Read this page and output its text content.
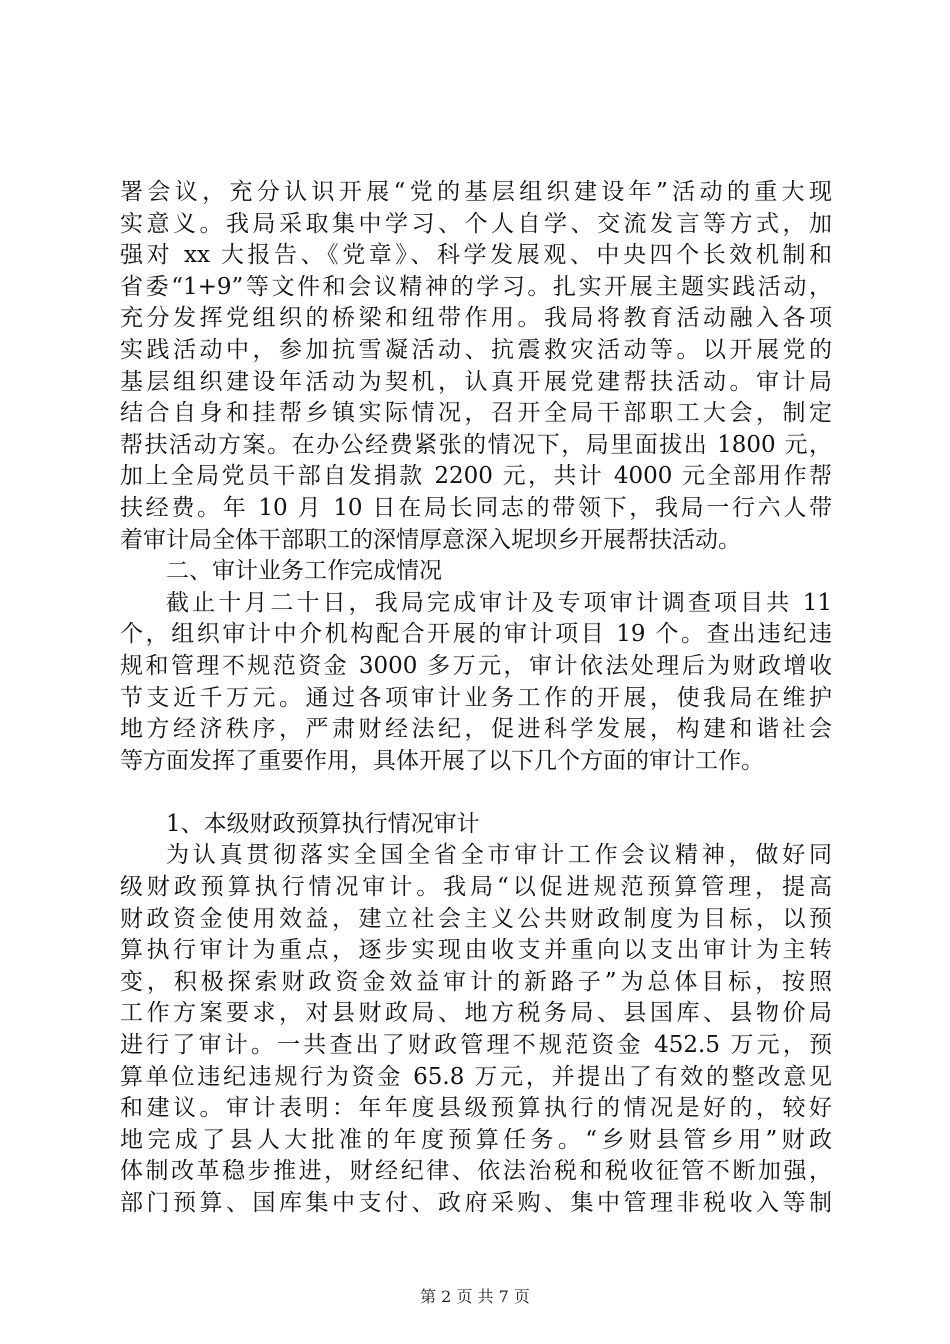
署会议，充分认识开展“党的基层组织建设年”活动的重大现
实意义。我局采取集中学习、个人自学、交流发言等方式，加
强对 xx 大报告、《党章》、科学发展观、中央四个长效机制和
省委“1+9”等文件和会议精神的学习。扎实开展主题实践活动，
充分发挥党组织的桥梁和纽带作用。我局将教育活动融入各项
实践活动中，参加抗雪凝活动、抗震救灾活动等。以开展党的
基层组织建设年活动为契机，认真开展党建帮扶活动。审计局
结合自身和挂帮乡镇实际情况，召开全局干部职工大会，制定
帮扶活动方案。在办公经费紧张的情况下，局里面拔出 1800 元，
加上全局党员干部自发捐款 2200 元，共计 4000 元全部用作帮
扶经费。年 10 月 10 日在局长同志的带领下，我局一行六人带
着审计局全体干部职工的深情厚意深入坭坝乡开展帮扶活动。
二、审计业务工作完成情况
截止十月二十日，我局完成审计及专项审计调查项目共 11
个，组织审计中介机构配合开展的审计项目 19 个。查出违纪违
规和管理不规范资金 3000 多万元，审计依法处理后为财政增收
节支近千万元。通过各项审计业务工作的开展，使我局在维护
地方经济秩序，严肃财经法纪，促进科学发展，构建和谐社会
等方面发挥了重要作用，具体开展了以下几个方面的审计工作。
1、本级财政预算执行情况审计
为认真贯彻落实全国全省全市审计工作会议精神，做好同
级财政预算执行情况审计。我局“以促进规范预算管理，提高
财政资金使用效益，建立社会主义公共财政制度为目标，以预
算执行审计为重点，逐步实现由收支并重向以支出审计为主转
变，积极探索财政资金效益审计的新路子”为总体目标，按照
工作方案要求，对县财政局、地方税务局、县国库、县物价局
进行了审计。一共查出了财政管理不规范资金 452.5 万元，预
算单位违纪违规行为资金 65.8 万元，并提出了有效的整改意见
和建议。审计表明：年年度县级预算执行的情况是好的，较好
地完成了县人大批准的年度预算任务。“乡财县管乡用”财政
体制改革稳步推进，财经纪律、依法治税和税收征管不断加强，
部门预算、国库集中支付、政府采购、集中管理非税收入等制
第 2 页 共 7 页
